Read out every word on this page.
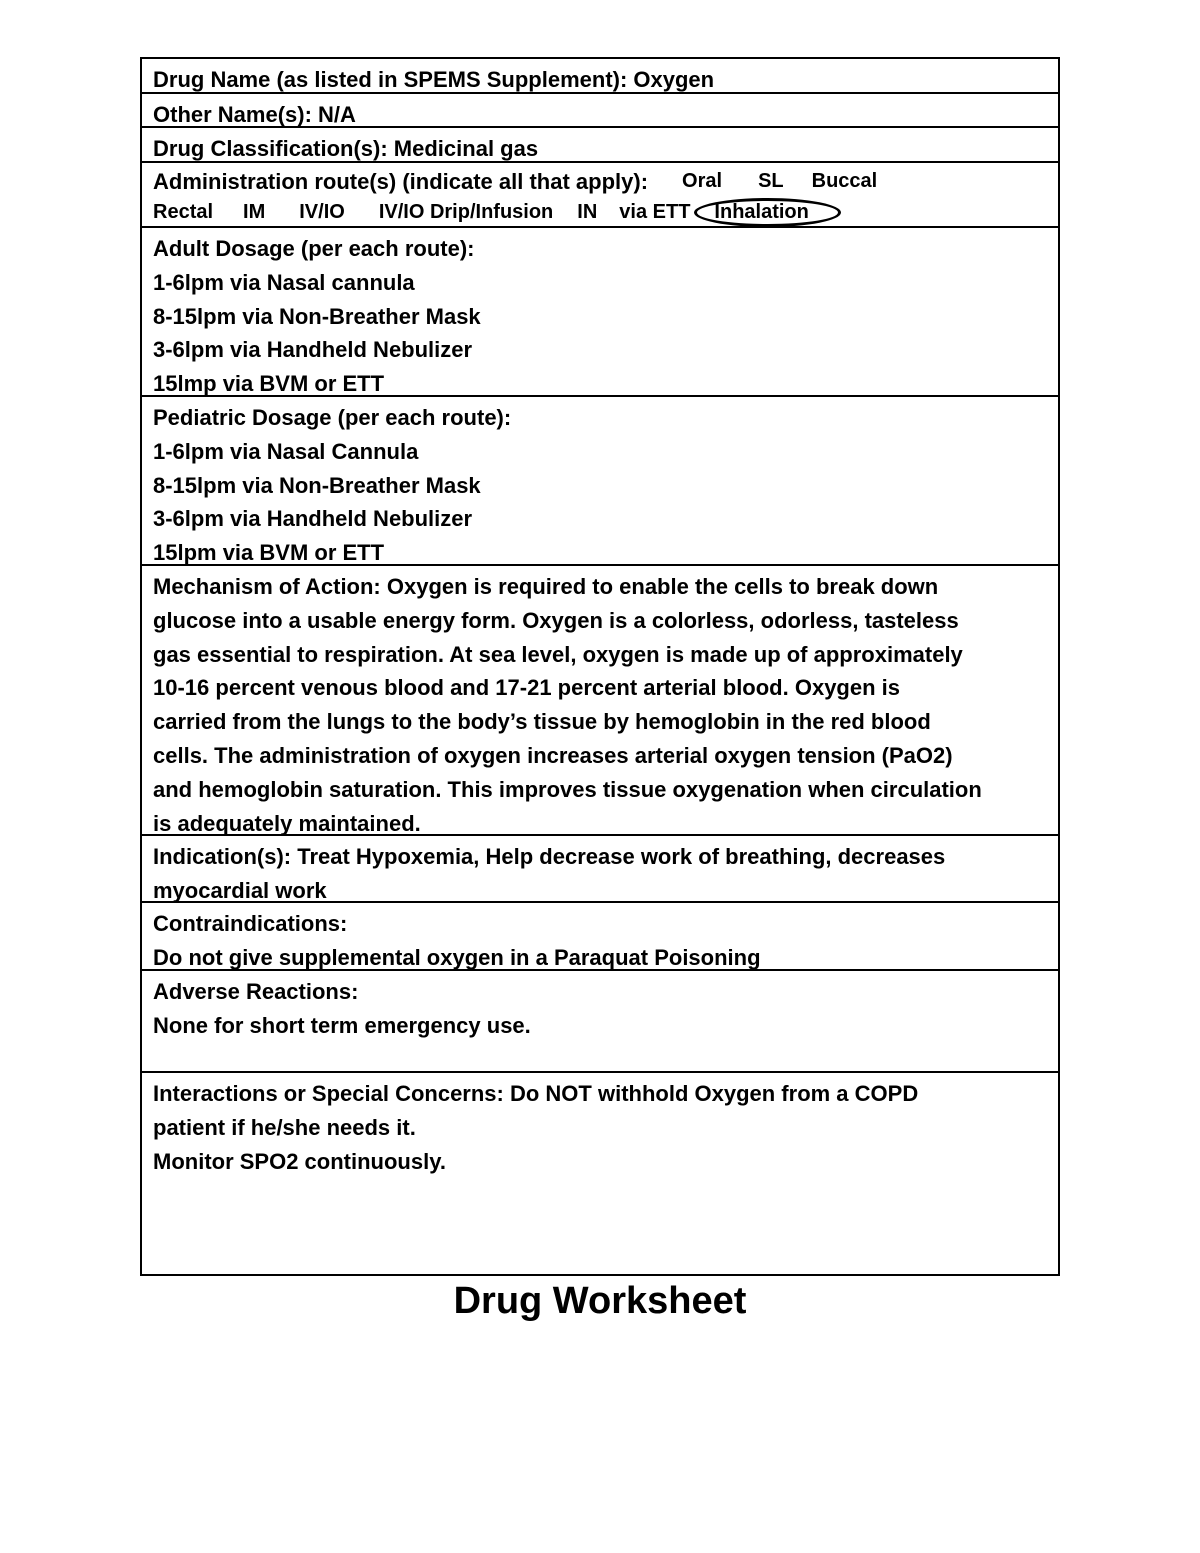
Drug Name (as listed in SPEMS Supplement): Oxygen
Other Name(s): N/A
Drug Classification(s): Medicinal gas
Administration route(s) (indicate all that apply): Oral SL Buccal
Rectal IM IV/IO IV/IO Drip/Infusion IN via ETT	Inhalation
Adult Dosage (per each route):
1-6lpm via Nasal cannula
8-15lpm via Non-Breather Mask
3-6lpm via Handheld Nebulizer
15lmp via BVM or ETT
Pediatric Dosage (per each route):
1-6lpm via Nasal Cannula
8-15lpm via Non-Breather Mask
3-6lpm via Handheld Nebulizer
15lpm via BVM or ETT
Mechanism of Action: Oxygen is required to enable the cells to break down
glucose into a usable energy form. Oxygen is a colorless, odorless, tasteless
gas essential to respiration. At sea level, oxygen is made up of approximately
10-16 percent venous blood and 17-21 percent arterial blood. Oxygen is
carried from the lungs to the body’s tissue by hemoglobin in the red blood
cells. The administration of oxygen increases arterial oxygen tension (PaO2)
and hemoglobin saturation. This improves tissue oxygenation when circulation
is adequately maintained.
Indication(s): Treat Hypoxemia, Help decrease work of breathing, decreases
myocardial work
Contraindications:
Do not give supplemental oxygen in a Paraquat Poisoning
Adverse Reactions:
None for short term emergency use.
Interactions or Special Concerns: Do NOT withhold Oxygen from a COPD
patient if he/she needs it.
Monitor SPO2 continuously.
Drug Worksheet
